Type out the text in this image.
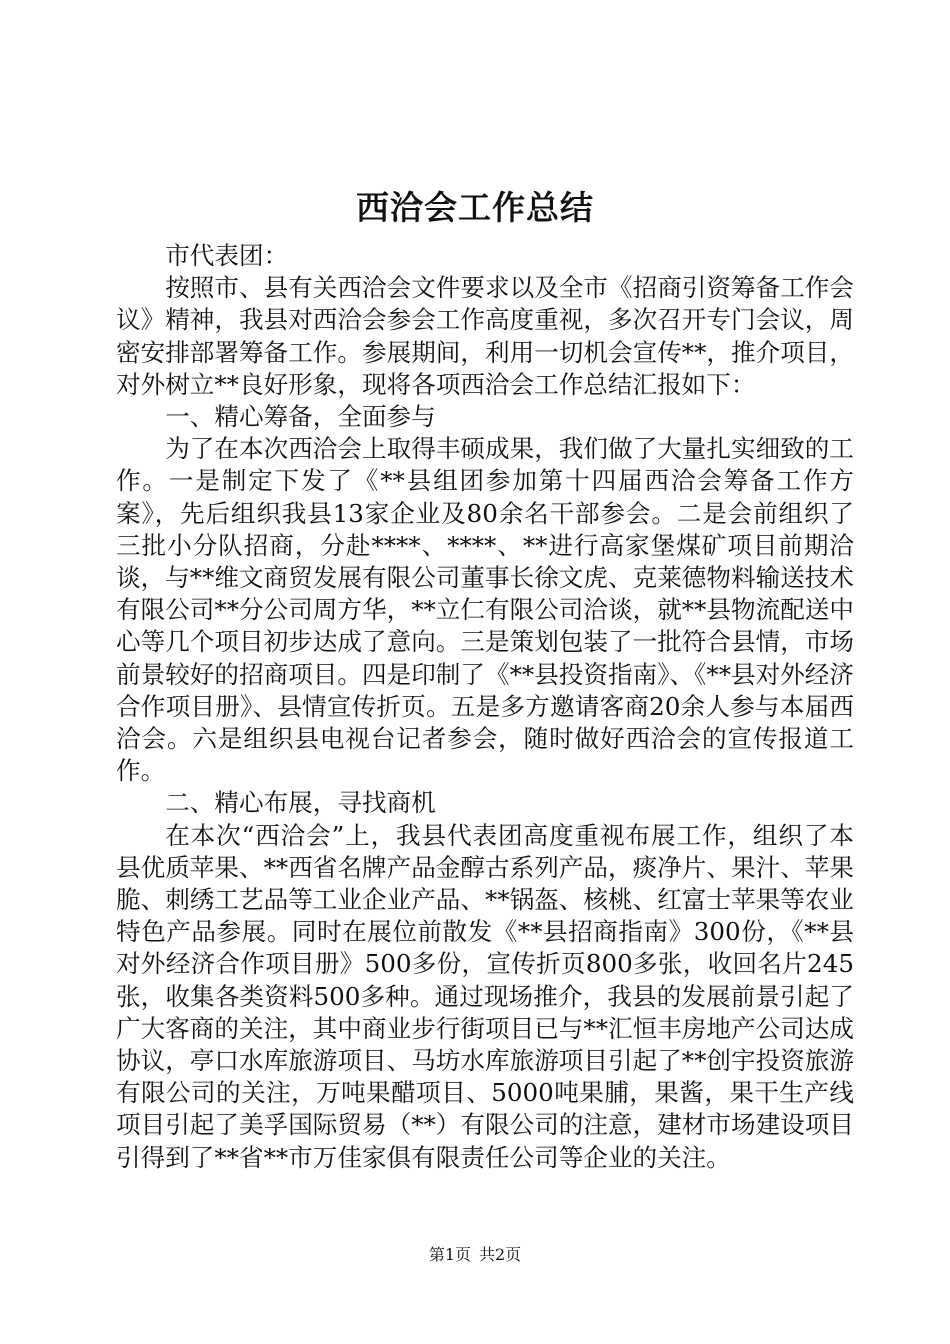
西洽会工作总结

市代表团：

按照市、县有关西洽会文件要求以及全市《招商引资筹备工作会议》精神，我县对西洽会参会工作高度重视，多次召开专门会议，周密安排部署筹备工作。参展期间，利用一切机会宣传**，推介项目，对外树立**良好形象，现将各项西洽会工作总结汇报如下：

一、精心筹备，全面参与

为了在本次西洽会上取得丰硕成果，我们做了大量扎实细致的工作。一是制定下发了《**县组团参加第十四届西洽会筹备工作方案》，先后组织我县13家企业及80余名干部参会。二是会前组织了三批小分队招商，分赴****、****、**进行高家堡煤矿项目前期洽谈，与**维文商贸发展有限公司董事长徐文虎、克莱德物料输送技术有限公司**分公司周方华，**立仁有限公司洽谈，就**县物流配送中心等几个项目初步达成了意向。三是策划包装了一批符合县情，市场前景较好的招商项目。四是印制了《**县投资指南》、《**县对外经济合作项目册》、县情宣传折页。五是多方邀请客商20余人参与本届西洽会。六是组织县电视台记者参会，随时做好西洽会的宣传报道工作。

二、精心布展，寻找商机

在本次“西洽会”上，我县代表团高度重视布展工作，组织了本县优质苹果、**西省名牌产品金醇古系列产品，痰净片、果汁、苹果脆、刺绣工艺品等工业企业产品、**锅盔、核桃、红富士苹果等农业特色产品参展。同时在展位前散发《**县招商指南》300份，《**县对外经济合作项目册》500多份，宣传折页800多张，收回名片245张，收集各类资料500多种。通过现场推介，我县的发展前景引起了广大客商的关注，其中商业步行街项目已与**汇恒丰房地产公司达成协议，亭口水库旅游项目、马坊水库旅游项目引起了**创宇投资旅游有限公司的关注，万吨果醋项目、5000吨果脯，果酱，果干生产线项目引起了美孚国际贸易（**）有限公司的注意，建材市场建设项目引得到了**省**市万佳家俱有限责任公司等企业的关注。

第1页 共2页
